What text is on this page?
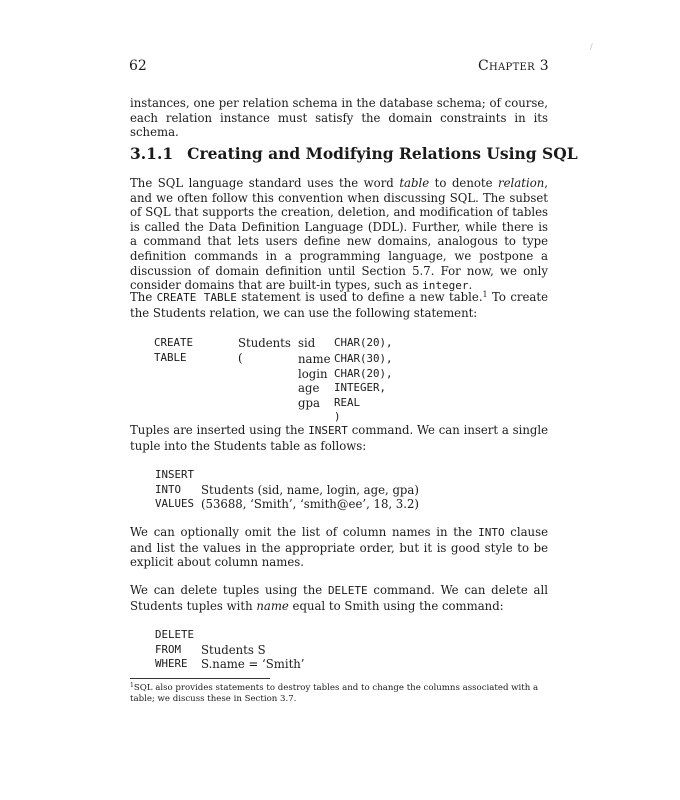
62	Chapter 3
/

instances, one per relation schema in the database schema; of course, each relation instance must satisfy the domain constraints in its schema.

3.1.1 Creating and Modifying Relations Using SQL

The SQL language standard uses the word table to denote relation, and we often follow this convention when discussing SQL. The subset of SQL that supports the creation, deletion, and modification of tables is called the Data Definition Language (DDL). Further, while there is a command that lets users define new domains, analogous to type definition commands in a programming language, we postpone a discussion of domain definition until Section 5.7. For now, we only consider domains that are built-in types, such as integer.

The CREATE TABLE statement is used to define a new table.$^1$ To create the Students relation, we can use the following statement:

CREATE TABLE
Students (
sid CHAR(20),
name CHAR(30),
login CHAR(20),
age INTEGER,
gpa REAL )

Tuples are inserted using the INSERT command. We can insert a single tuple into the Students table as follows:

INSERT
INTO Students (sid, name, login, age, gpa)
VALUES (53688, ‘Smith’, ‘smith@ee’, 18, 3.2)

We can optionally omit the list of column names in the INTO clause and list the values in the appropriate order, but it is good style to be explicit about column names.

We can delete tuples using the DELETE command. We can delete all Students tuples with name equal to Smith using the command:

DELETE
FROM Students S
WHERE S.name = ‘Smith’

$^1$SQL also provides statements to destroy tables and to change the columns associated with a table; we discuss these in Section 3.7.
